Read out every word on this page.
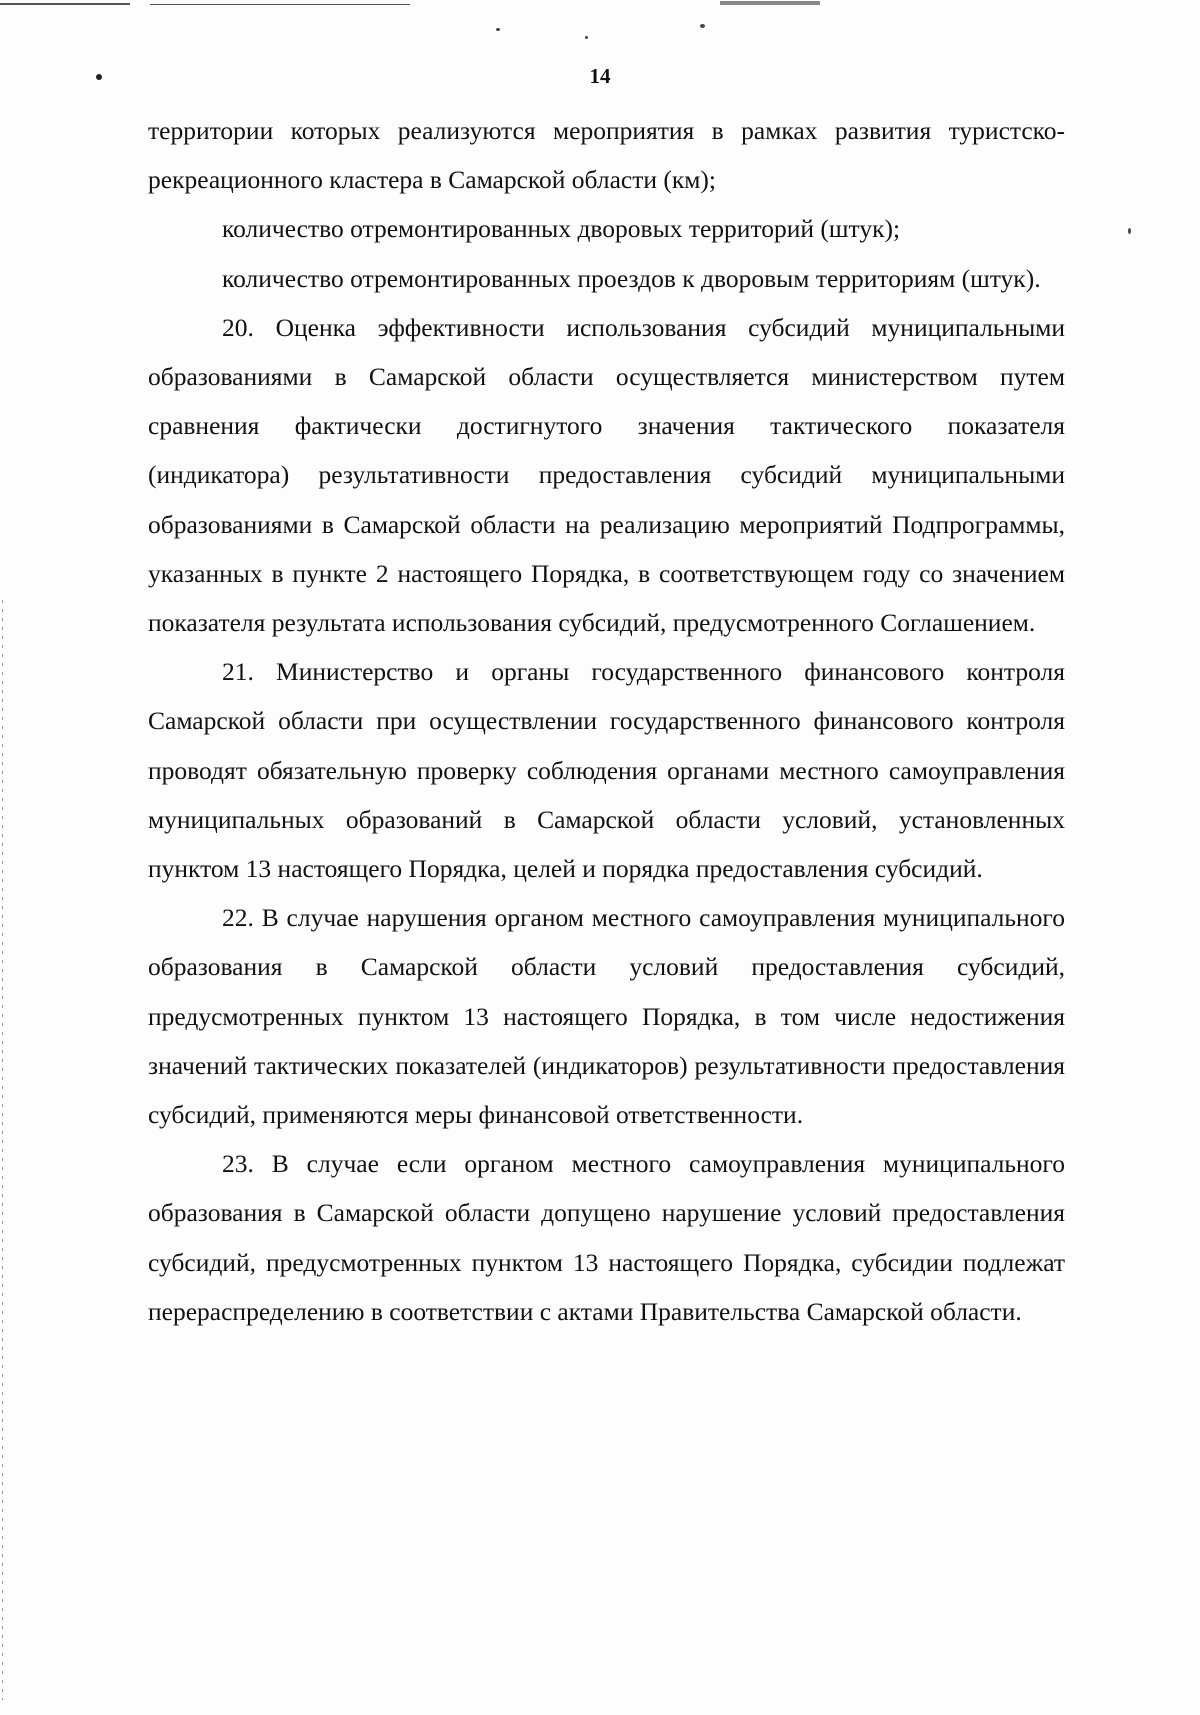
14

территории которых реализуются мероприятия в рамках развития туристско-рекреационного кластера в Самарской области (км);

количество отремонтированных дворовых территорий (штук);

количество отремонтированных проездов к дворовым территориям (штук).

20. Оценка эффективности использования субсидий муниципальными образованиями в Самарской области осуществляется министерством путем сравнения фактически достигнутого значения тактического показателя (индикатора) результативности предоставления субсидий муниципальными образованиями в Самарской области на реализацию мероприятий Подпрограммы, указанных в пункте 2 настоящего Порядка, в соответствующем году со значением показателя результата использования субсидий, предусмотренного Соглашением.

21. Министерство и органы государственного финансового контроля Самарской области при осуществлении государственного финансового контроля проводят обязательную проверку соблюдения органами местного самоуправления муниципальных образований в Самарской области условий, установленных пунктом 13 настоящего Порядка, целей и порядка предоставления субсидий.

22. В случае нарушения органом местного самоуправления муниципального образования в Самарской области условий предоставления субсидий, предусмотренных пунктом 13 настоящего Порядка, в том числе недостижения значений тактических показателей (индикаторов) результативности предоставления субсидий, применяются меры финансовой ответственности.

23. В случае если органом местного самоуправления муниципального образования в Самарской области допущено нарушение условий предоставления субсидий, предусмотренных пунктом 13 настоящего Порядка, субсидии подлежат перераспределению в соответствии с актами Правительства Самарской области.
